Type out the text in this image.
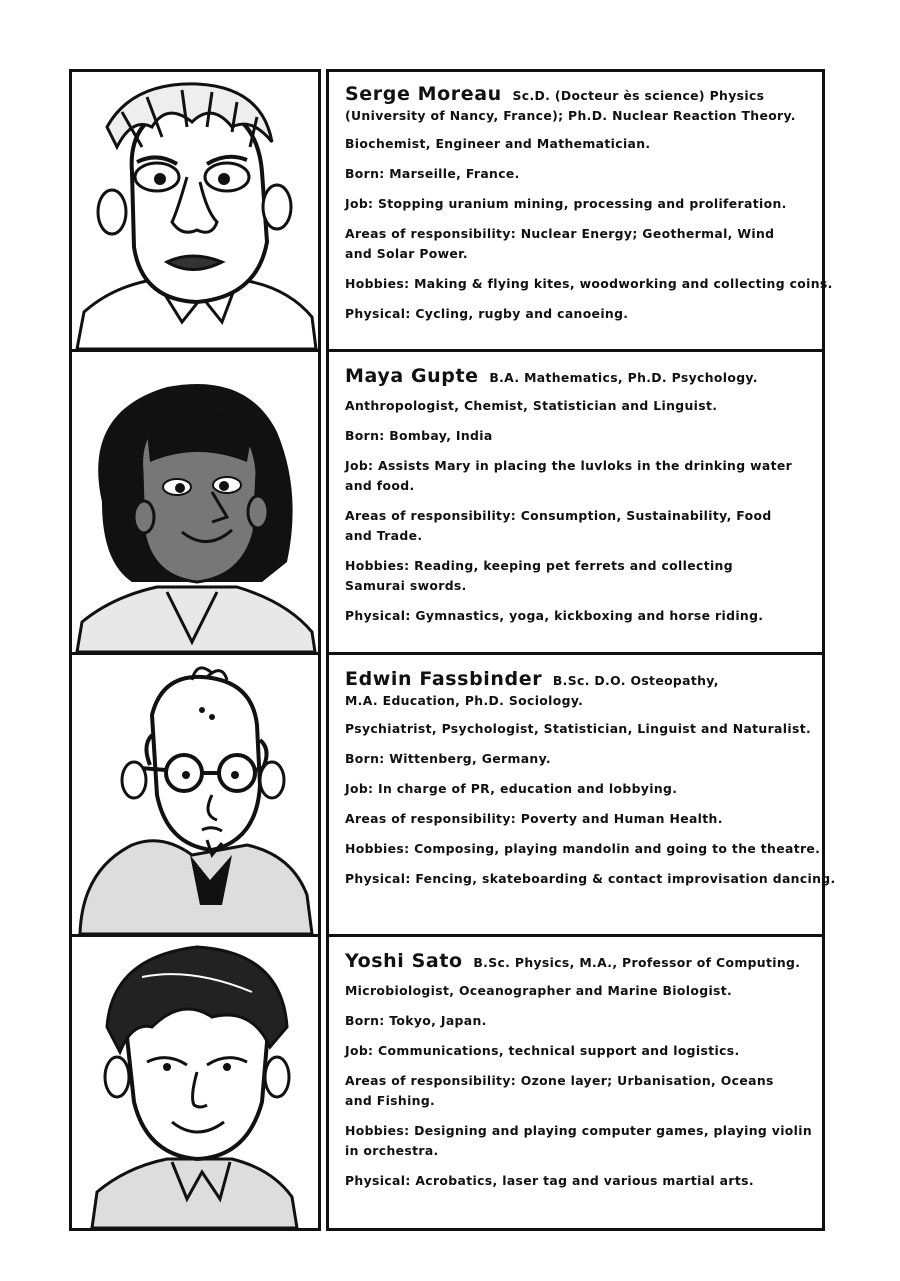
Serge Moreau Sc.D. (Docteur ès science) Physics
(University of Nancy, France); Ph.D. Nuclear Reaction Theory.

Biochemist, Engineer and Mathematician.

Born: Marseille, France.

Job: Stopping uranium mining, processing and proliferation.

Areas of responsibility: Nuclear Energy; Geothermal, Wind
and Solar Power.

Hobbies: Making & flying kites, woodworking and collecting coins.

Physical: Cycling, rugby and canoeing.

Maya Gupte B.A. Mathematics, Ph.D. Psychology.

Anthropologist, Chemist, Statistician and Linguist.

Born: Bombay, India

Job: Assists Mary in placing the luvloks in the drinking water
and food.

Areas of responsibility: Consumption, Sustainability, Food
and Trade.

Hobbies: Reading, keeping pet ferrets and collecting
Samurai swords.

Physical: Gymnastics, yoga, kickboxing and horse riding.

Edwin Fassbinder B.Sc. D.O. Osteopathy,
M.A. Education, Ph.D. Sociology.

Psychiatrist, Psychologist, Statistician, Linguist and Naturalist.

Born: Wittenberg, Germany.

Job: In charge of PR, education and lobbying.

Areas of responsibility: Poverty and Human Health.

Hobbies: Composing, playing mandolin and going to the theatre.

Physical: Fencing, skateboarding & contact improvisation dancing.

Yoshi Sato B.Sc. Physics, M.A., Professor of Computing.

Microbiologist, Oceanographer and Marine Biologist.

Born: Tokyo, Japan.

Job: Communications, technical support and logistics.

Areas of responsibility: Ozone layer; Urbanisation, Oceans
and Fishing.

Hobbies: Designing and playing computer games, playing violin
in orchestra.

Physical: Acrobatics, laser tag and various martial arts.
